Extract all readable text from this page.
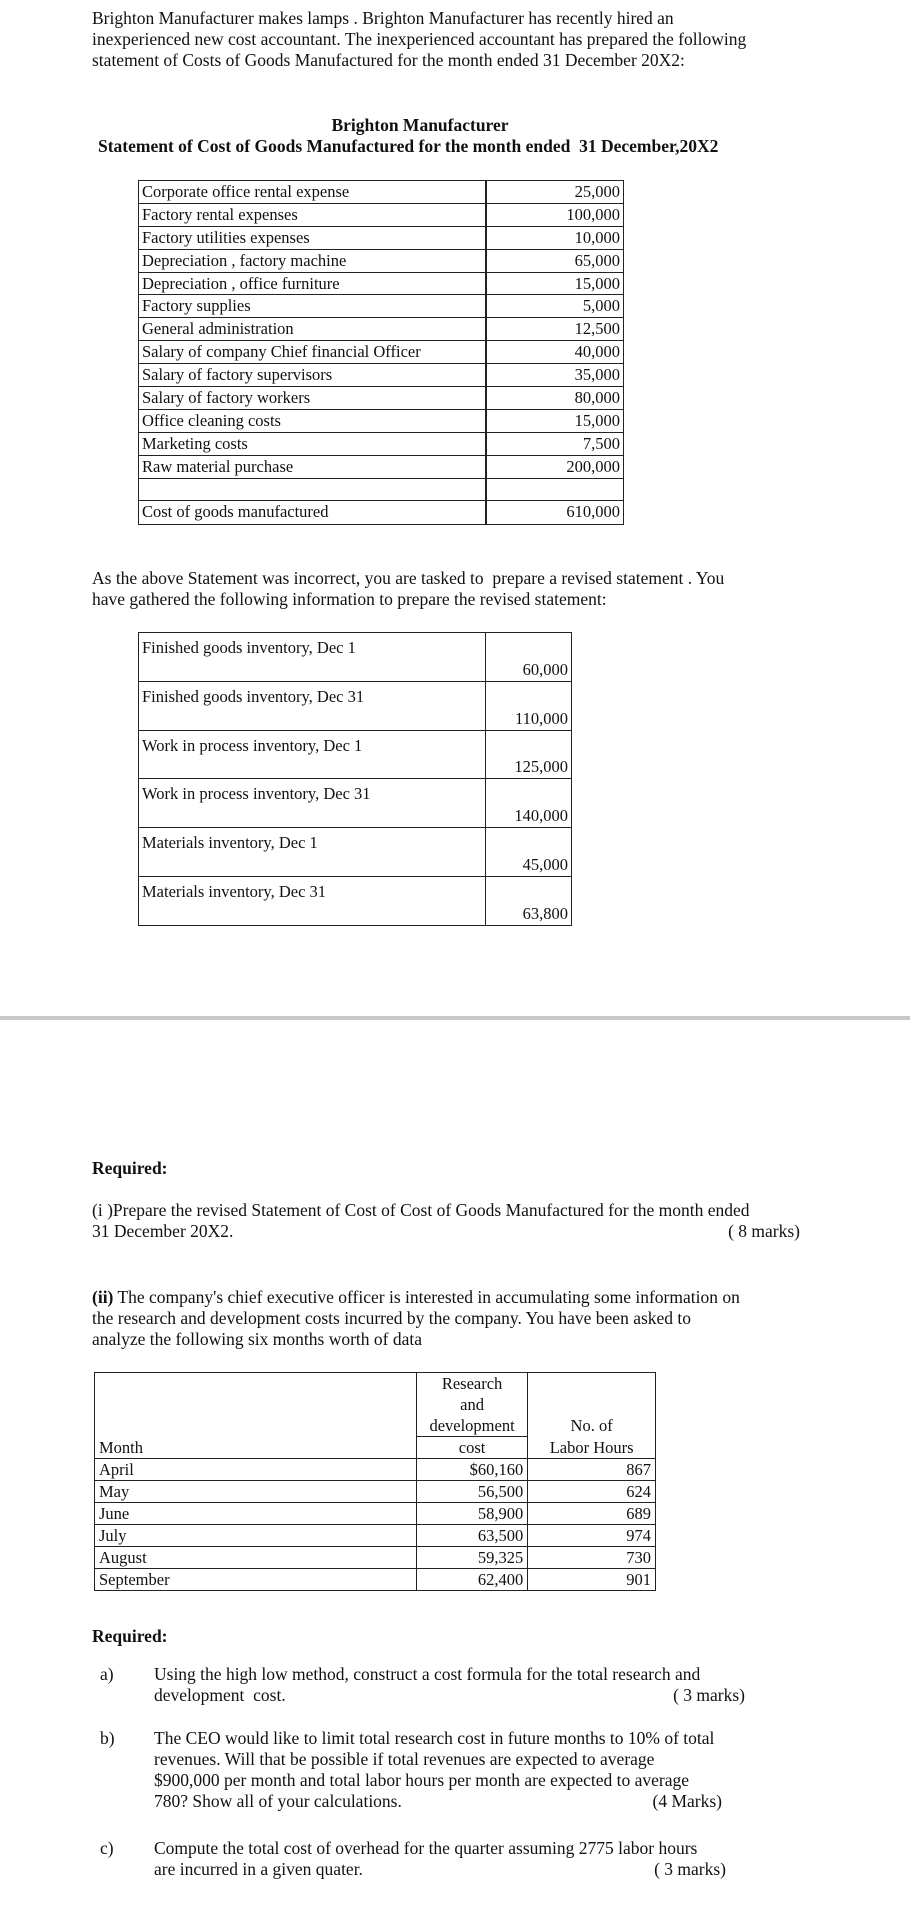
Brighton Manufacturer makes lamps . Brighton Manufacturer has recently hired an
inexperienced new cost accountant. The inexperienced accountant has prepared the following
statement of Costs of Goods Manufactured for the month ended 31 December 20X2:
Brighton Manufacturer
Statement of Cost of Goods Manufactured for the month ended  31 December,20X2
Corporate office rental expense	25,000
Factory rental expenses	100,000
Factory utilities expenses	10,000
Depreciation , factory machine	65,000
Depreciation , office furniture	15,000
Factory supplies	5,000
General administration	12,500
Salary of company Chief financial Officer	40,000
Salary of factory supervisors	35,000
Salary of factory workers	80,000
Office cleaning costs	15,000
Marketing costs	7,500
Raw material purchase	200,000

Cost of goods manufactured	610,000
As the above Statement was incorrect, you are tasked to  prepare a revised statement . You
have gathered the following information to prepare the revised statement:
Finished goods inventory, Dec 1	60,000
Finished goods inventory, Dec 31	110,000
Work in process inventory, Dec 1	125,000
Work in process inventory, Dec 31	140,000
Materials inventory, Dec 1	45,000
Materials inventory, Dec 31	63,800
Required:
(i )Prepare the revised Statement of Cost of Cost of Goods Manufactured for the month ended
31 December 20X2.	( 8 marks)
(ii) The company's chief executive officer is interested in accumulating some information on
the research and development costs incurred by the company. You have been asked to
analyze the following six months worth of data
	Research	
	and	
	development	No. of
Month	cost	Labor Hours
April	$60,160	867
May	56,500	624
June	58,900	689
July	63,500	974
August	59,325	730
September	62,400	901
Required:
a) Using the high low method, construct a cost formula for the total research and
development  cost.	( 3 marks)
b) The CEO would like to limit total research cost in future months to 10% of total
revenues. Will that be possible if total revenues are expected to average
$900,000 per month and total labor hours per month are expected to average
780? Show all of your calculations.	(4 Marks)
c) Compute the total cost of overhead for the quarter assuming 2775 labor hours
are incurred in a given quater.	( 3 marks)
